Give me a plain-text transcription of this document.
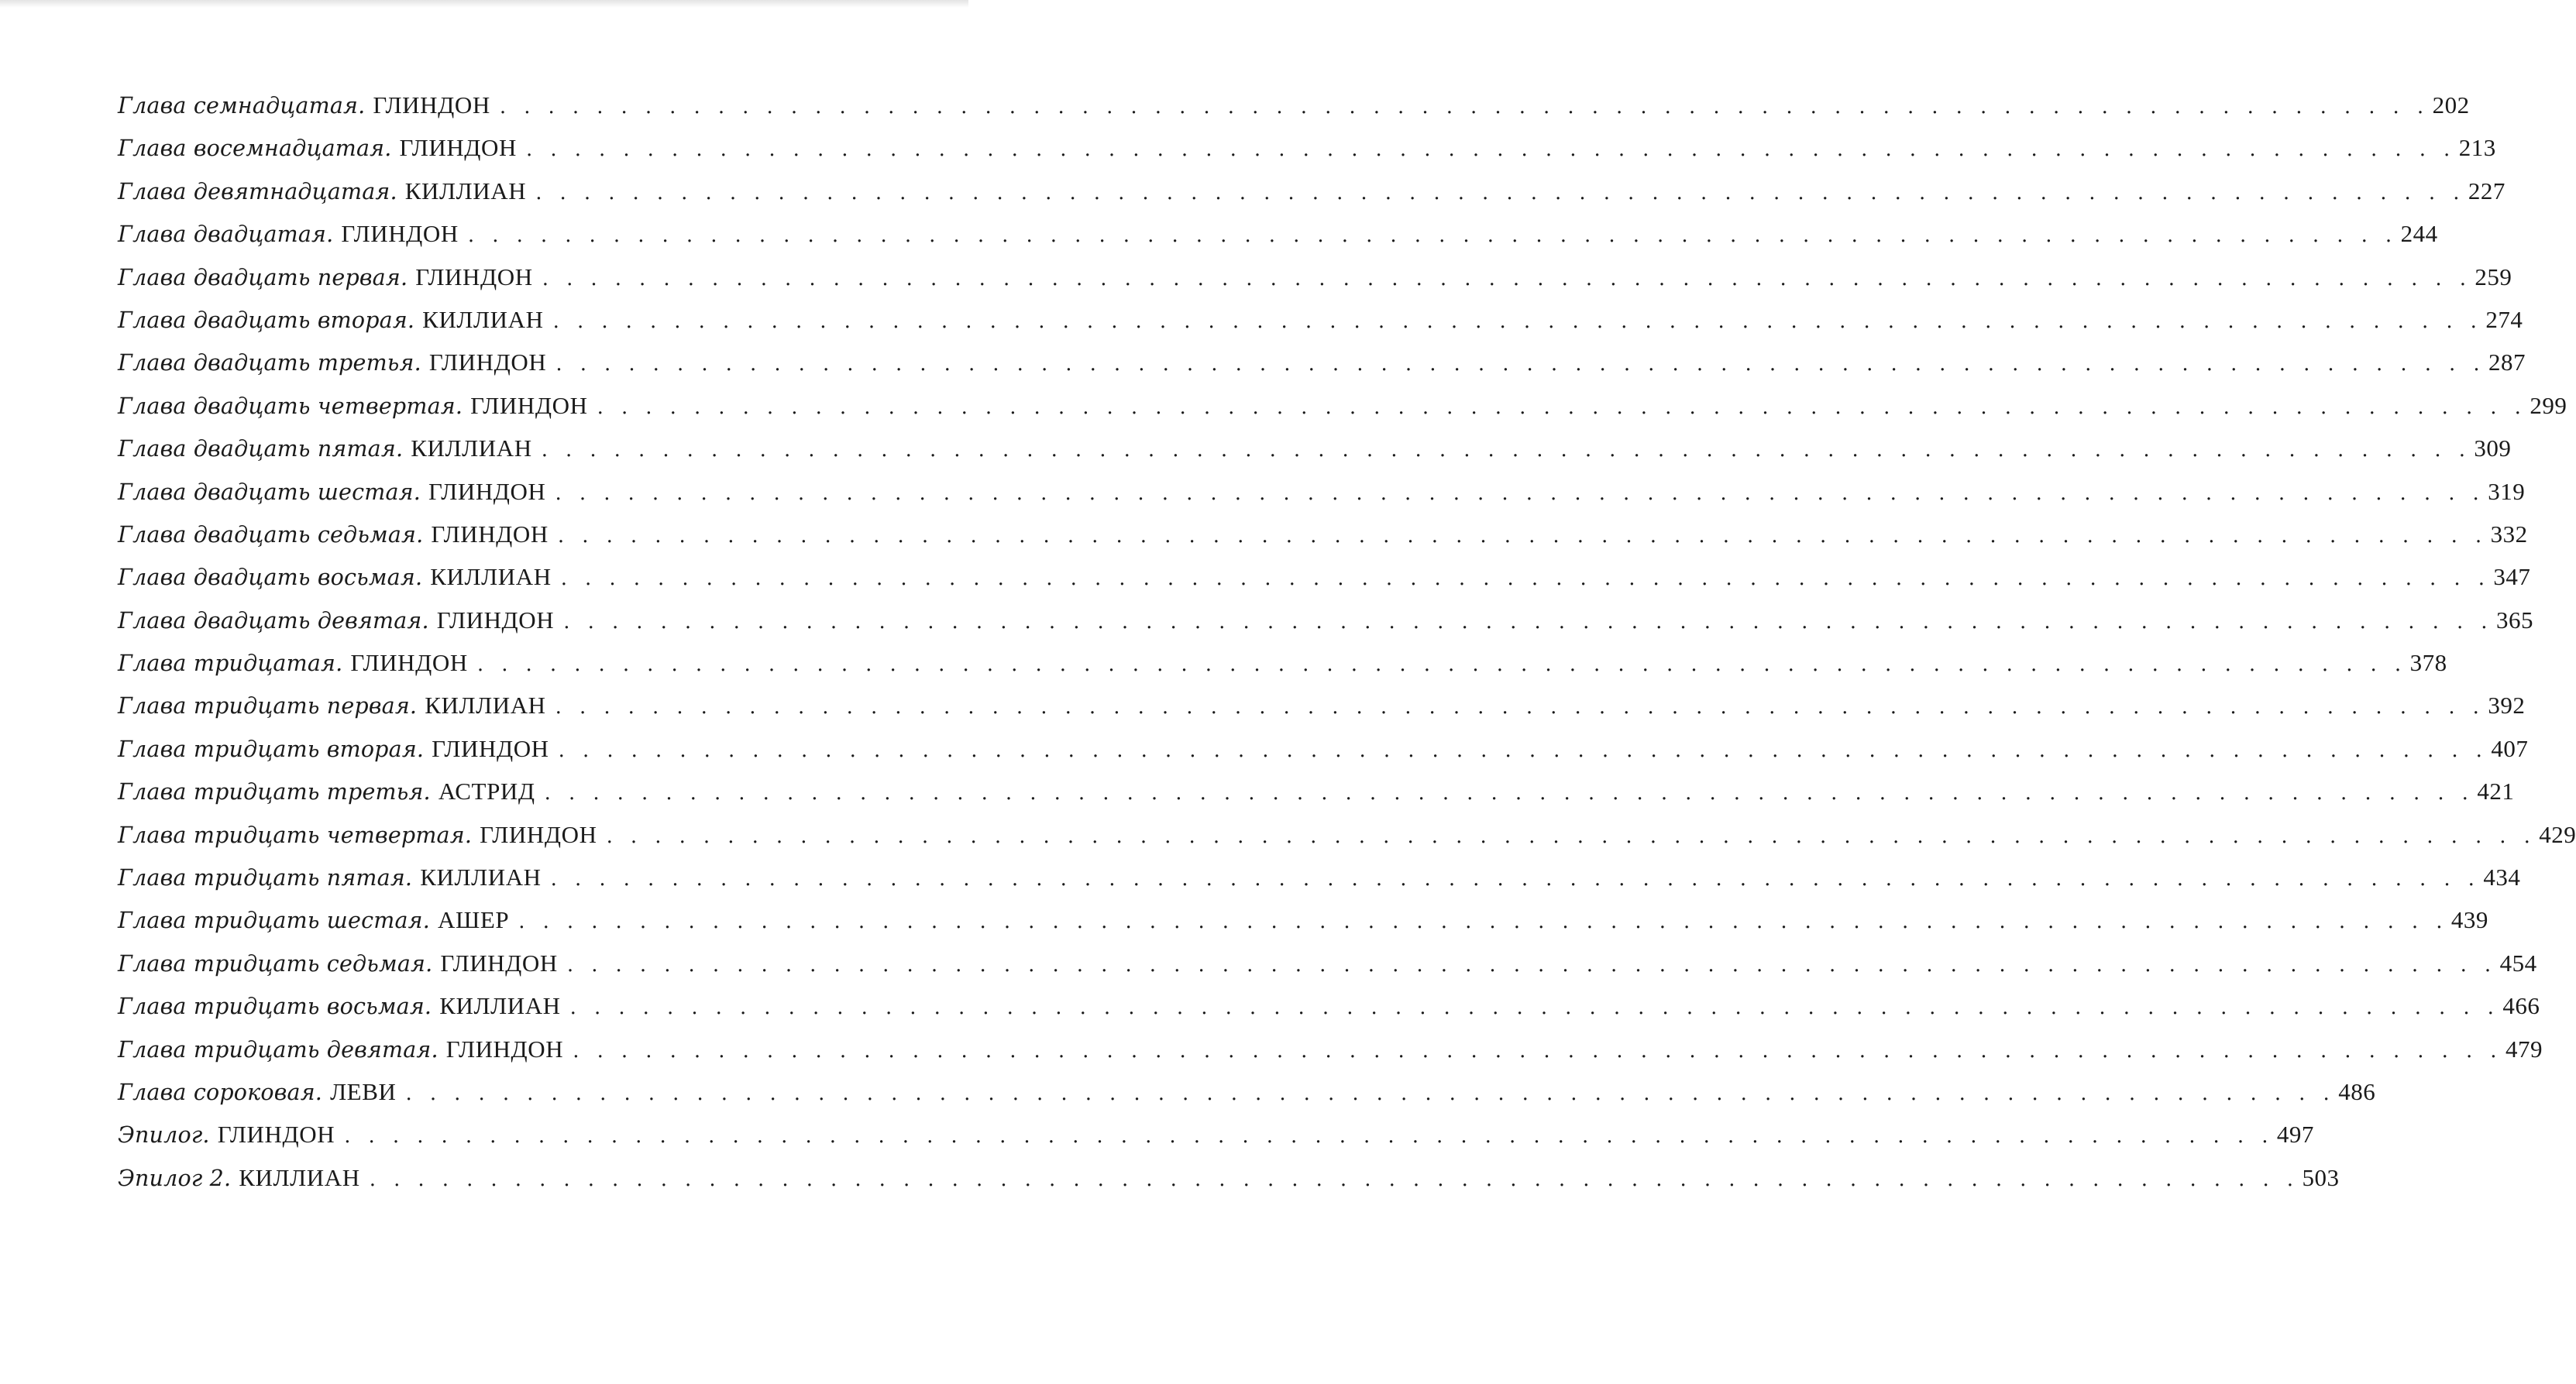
Глава семнадцатая. ГЛИНДОН . . . . . . . . . . . . . . . . . . . . . . . . . . . . . . . . . . . . . . . . . . . . . . . . . . . . . . . . . . . . . . . . . . . . . . . . . . . . . . . . 202
Глава восемнадцатая. ГЛИНДОН . . . . . . . . . . . . . . . . . . . . . . . . . . . . . . . . . . . . . . . . . . . . . . . . . . . . . . . . . . . . . . . . . . . . . . . . . . . . . . . . 213
Глава девятнадцатая. КИЛЛИАН . . . . . . . . . . . . . . . . . . . . . . . . . . . . . . . . . . . . . . . . . . . . . . . . . . . . . . . . . . . . . . . . . . . . . . . . . . . . . . . . 227
Глава двадцатая. ГЛИНДОН . . . . . . . . . . . . . . . . . . . . . . . . . . . . . . . . . . . . . . . . . . . . . . . . . . . . . . . . . . . . . . . . . . . . . . . . . . . . . . . . 244
Глава двадцать первая. ГЛИНДОН . . . . . . . . . . . . . . . . . . . . . . . . . . . . . . . . . . . . . . . . . . . . . . . . . . . . . . . . . . . . . . . . . . . . . . . . . . . . . . . . 259
Глава двадцать вторая. КИЛЛИАН . . . . . . . . . . . . . . . . . . . . . . . . . . . . . . . . . . . . . . . . . . . . . . . . . . . . . . . . . . . . . . . . . . . . . . . . . . . . . . . . 274
Глава двадцать третья. ГЛИНДОН . . . . . . . . . . . . . . . . . . . . . . . . . . . . . . . . . . . . . . . . . . . . . . . . . . . . . . . . . . . . . . . . . . . . . . . . . . . . . . . . 287
Глава двадцать четвертая. ГЛИНДОН . . . . . . . . . . . . . . . . . . . . . . . . . . . . . . . . . . . . . . . . . . . . . . . . . . . . . . . . . . . . . . . . . . . . . . . . . . . . . . . . 299
Глава двадцать пятая. КИЛЛИАН . . . . . . . . . . . . . . . . . . . . . . . . . . . . . . . . . . . . . . . . . . . . . . . . . . . . . . . . . . . . . . . . . . . . . . . . . . . . . . . . 309
Глава двадцать шестая. ГЛИНДОН . . . . . . . . . . . . . . . . . . . . . . . . . . . . . . . . . . . . . . . . . . . . . . . . . . . . . . . . . . . . . . . . . . . . . . . . . . . . . . . . 319
Глава двадцать седьмая. ГЛИНДОН . . . . . . . . . . . . . . . . . . . . . . . . . . . . . . . . . . . . . . . . . . . . . . . . . . . . . . . . . . . . . . . . . . . . . . . . . . . . . . . . 332
Глава двадцать восьмая. КИЛЛИАН . . . . . . . . . . . . . . . . . . . . . . . . . . . . . . . . . . . . . . . . . . . . . . . . . . . . . . . . . . . . . . . . . . . . . . . . . . . . . . . . 347
Глава двадцать девятая. ГЛИНДОН . . . . . . . . . . . . . . . . . . . . . . . . . . . . . . . . . . . . . . . . . . . . . . . . . . . . . . . . . . . . . . . . . . . . . . . . . . . . . . . . 365
Глава тридцатая. ГЛИНДОН . . . . . . . . . . . . . . . . . . . . . . . . . . . . . . . . . . . . . . . . . . . . . . . . . . . . . . . . . . . . . . . . . . . . . . . . . . . . . . . . 378
Глава тридцать первая. КИЛЛИАН . . . . . . . . . . . . . . . . . . . . . . . . . . . . . . . . . . . . . . . . . . . . . . . . . . . . . . . . . . . . . . . . . . . . . . . . . . . . . . . . 392
Глава тридцать вторая. ГЛИНДОН . . . . . . . . . . . . . . . . . . . . . . . . . . . . . . . . . . . . . . . . . . . . . . . . . . . . . . . . . . . . . . . . . . . . . . . . . . . . . . . . 407
Глава тридцать третья. АСТРИД . . . . . . . . . . . . . . . . . . . . . . . . . . . . . . . . . . . . . . . . . . . . . . . . . . . . . . . . . . . . . . . . . . . . . . . . . . . . . . . . 421
Глава тридцать четвертая. ГЛИНДОН . . . . . . . . . . . . . . . . . . . . . . . . . . . . . . . . . . . . . . . . . . . . . . . . . . . . . . . . . . . . . . . . . . . . . . . . . . . . . . . . 429
Глава тридцать пятая. КИЛЛИАН . . . . . . . . . . . . . . . . . . . . . . . . . . . . . . . . . . . . . . . . . . . . . . . . . . . . . . . . . . . . . . . . . . . . . . . . . . . . . . . . 434
Глава тридцать шестая. АШЕР . . . . . . . . . . . . . . . . . . . . . . . . . . . . . . . . . . . . . . . . . . . . . . . . . . . . . . . . . . . . . . . . . . . . . . . . . . . . . . . . 439
Глава тридцать седьмая. ГЛИНДОН . . . . . . . . . . . . . . . . . . . . . . . . . . . . . . . . . . . . . . . . . . . . . . . . . . . . . . . . . . . . . . . . . . . . . . . . . . . . . . . . 454
Глава тридцать восьмая. КИЛЛИАН . . . . . . . . . . . . . . . . . . . . . . . . . . . . . . . . . . . . . . . . . . . . . . . . . . . . . . . . . . . . . . . . . . . . . . . . . . . . . . . . 466
Глава тридцать девятая. ГЛИНДОН . . . . . . . . . . . . . . . . . . . . . . . . . . . . . . . . . . . . . . . . . . . . . . . . . . . . . . . . . . . . . . . . . . . . . . . . . . . . . . . . 479
Глава сороковая. ЛЕВИ . . . . . . . . . . . . . . . . . . . . . . . . . . . . . . . . . . . . . . . . . . . . . . . . . . . . . . . . . . . . . . . . . . . . . . . . . . . . . . . . 486
Эпилог. ГЛИНДОН . . . . . . . . . . . . . . . . . . . . . . . . . . . . . . . . . . . . . . . . . . . . . . . . . . . . . . . . . . . . . . . . . . . . . . . . . . . . . . . . 497
Эпилог 2. КИЛЛИАН . . . . . . . . . . . . . . . . . . . . . . . . . . . . . . . . . . . . . . . . . . . . . . . . . . . . . . . . . . . . . . . . . . . . . . . . . . . . . . . . 503
